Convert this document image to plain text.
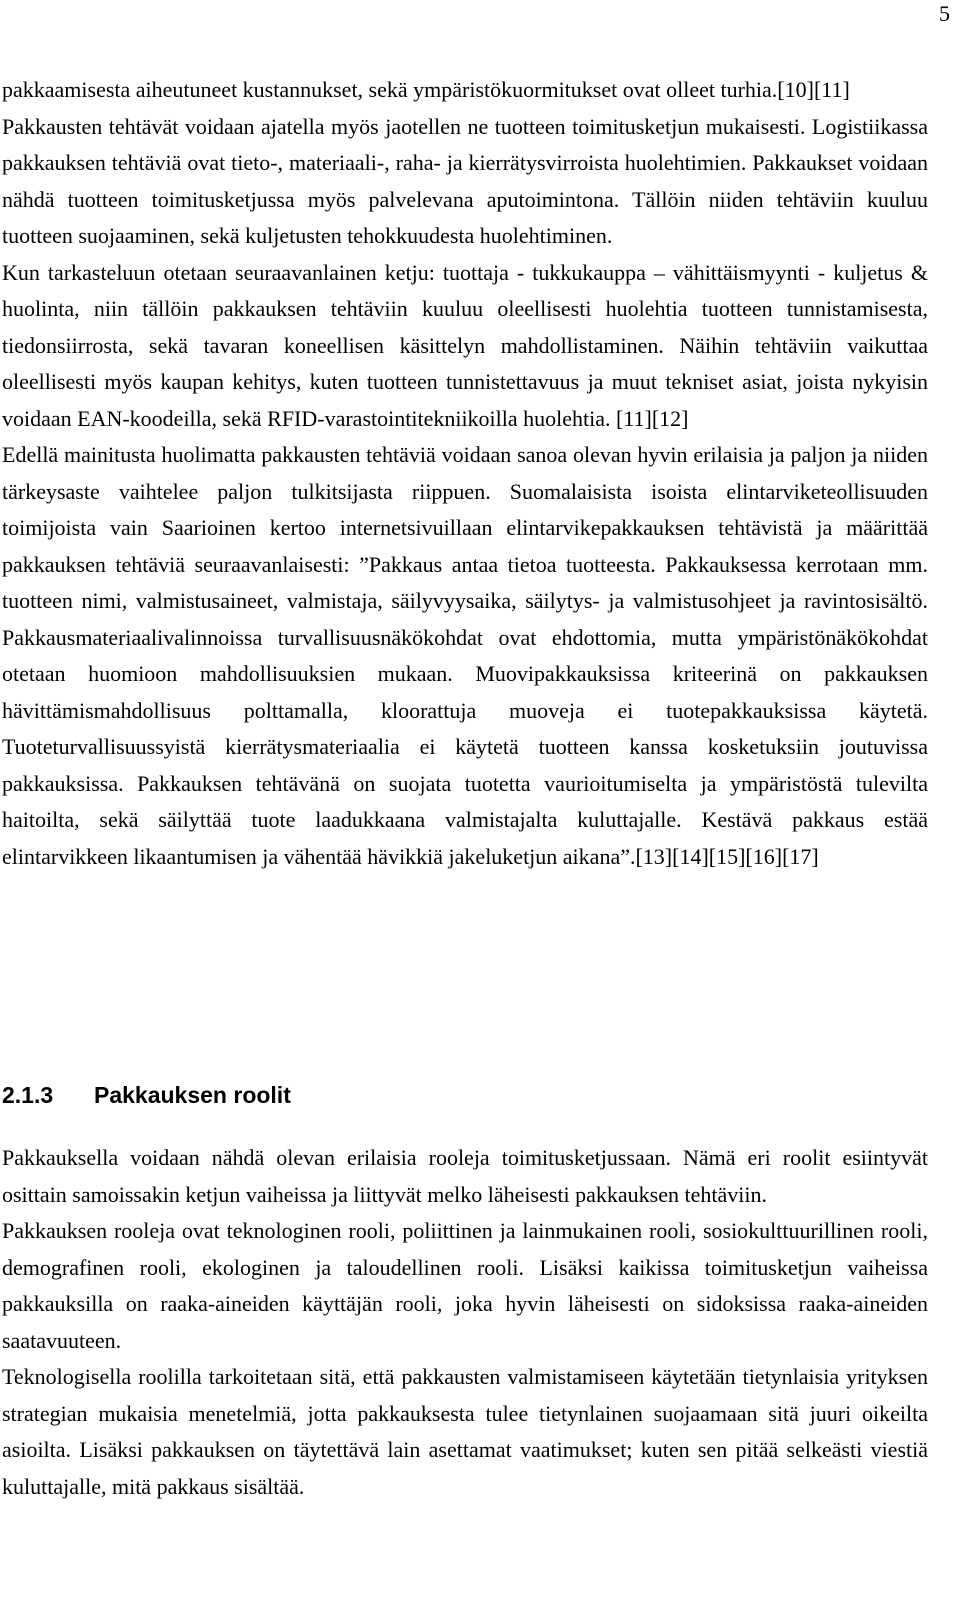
5

pakkaamisesta aiheutuneet kustannukset, sekä ympäristökuormitukset ovat olleet turhia.[10][11]

Pakkausten tehtävät voidaan ajatella myös jaotellen ne tuotteen toimitusketjun mukaisesti. Logistiikassa pakkauksen tehtäviä ovat tieto-, materiaali-, raha- ja kierrätysvirroista huolehtimien. Pakkaukset voidaan nähdä tuotteen toimitusketjussa myös palvelevana aputoimintona. Tällöin niiden tehtäviin kuuluu tuotteen suojaaminen, sekä kuljetusten tehokkuudesta huolehtiminen.

Kun tarkasteluun otetaan seuraavanlainen ketju: tuottaja - tukkukauppa – vähittäismyynti - kuljetus & huolinta, niin tällöin pakkauksen tehtäviin kuuluu oleellisesti huolehtia tuotteen tunnistamisesta, tiedonsiirrosta, sekä tavaran koneellisen käsittelyn mahdollistaminen. Näihin tehtäviin vaikuttaa oleellisesti myös kaupan kehitys, kuten tuotteen tunnistettavuus ja muut tekniset asiat, joista nykyisin voidaan EAN-koodeilla, sekä RFID-varastointitekniikoilla huolehtia. [11][12]

Edellä mainitusta huolimatta pakkausten tehtäviä voidaan sanoa olevan hyvin erilaisia ja paljon ja niiden tärkeysaste vaihtelee paljon tulkitsijasta riippuen. Suomalaisista isoista elintarviketeollisuuden toimijoista vain Saarioinen kertoo internetsivuillaan elintarvikepakkauksen tehtävistä ja määrittää pakkauksen tehtäviä seuraavanlaisesti: ”Pakkaus antaa tietoa tuotteesta. Pakkauksessa kerrotaan mm. tuotteen nimi, valmistusaineet, valmistaja, säilyvyysaika, säilytys- ja valmistusohjeet ja ravintosisältö. Pakkausmateriaalivalinnoissa turvallisuusnäkökohdat ovat ehdottomia, mutta ympäristönäkökohdat otetaan huomioon mahdollisuuksien mukaan. Muovipakkauksissa kriteerinä on pakkauksen hävittämismahdollisuus polttamalla, kloorattuja muoveja ei tuotepakkauksissa käytetä. Tuoteturvallisuussyistä kierrätysmateriaalia ei käytetä tuotteen kanssa kosketuksiin joutuvissa pakkauksissa. Pakkauksen tehtävänä on suojata tuotetta vaurioitumiselta ja ympäristöstä tulevilta haitoilta, sekä säilyttää tuote laadukkaana valmistajalta kuluttajalle. Kestävä pakkaus estää elintarvikkeen likaantumisen ja vähentää hävikkiä jakeluketjun aikana”.[13][14][15][16][17]

2.1.3 Pakkauksen roolit

Pakkauksella voidaan nähdä olevan erilaisia rooleja toimitusketjussaan. Nämä eri roolit esiintyvät osittain samoissakin ketjun vaiheissa ja liittyvät melko läheisesti pakkauksen tehtäviin.

Pakkauksen rooleja ovat teknologinen rooli, poliittinen ja lainmukainen rooli, sosiokulttuurillinen rooli, demografinen rooli, ekologinen ja taloudellinen rooli. Lisäksi kaikissa toimitusketjun vaiheissa pakkauksilla on raaka-aineiden käyttäjän rooli, joka hyvin läheisesti on sidoksissa raaka-aineiden saatavuuteen.

Teknologisella roolilla tarkoitetaan sitä, että pakkausten valmistamiseen käytetään tietynlaisia yrityksen strategian mukaisia menetelmiä, jotta pakkauksesta tulee tietynlainen suojaamaan sitä juuri oikeilta asioilta. Lisäksi pakkauksen on täytettävä lain asettamat vaatimukset; kuten sen pitää selkeästi viestiä kuluttajalle, mitä pakkaus sisältää.
